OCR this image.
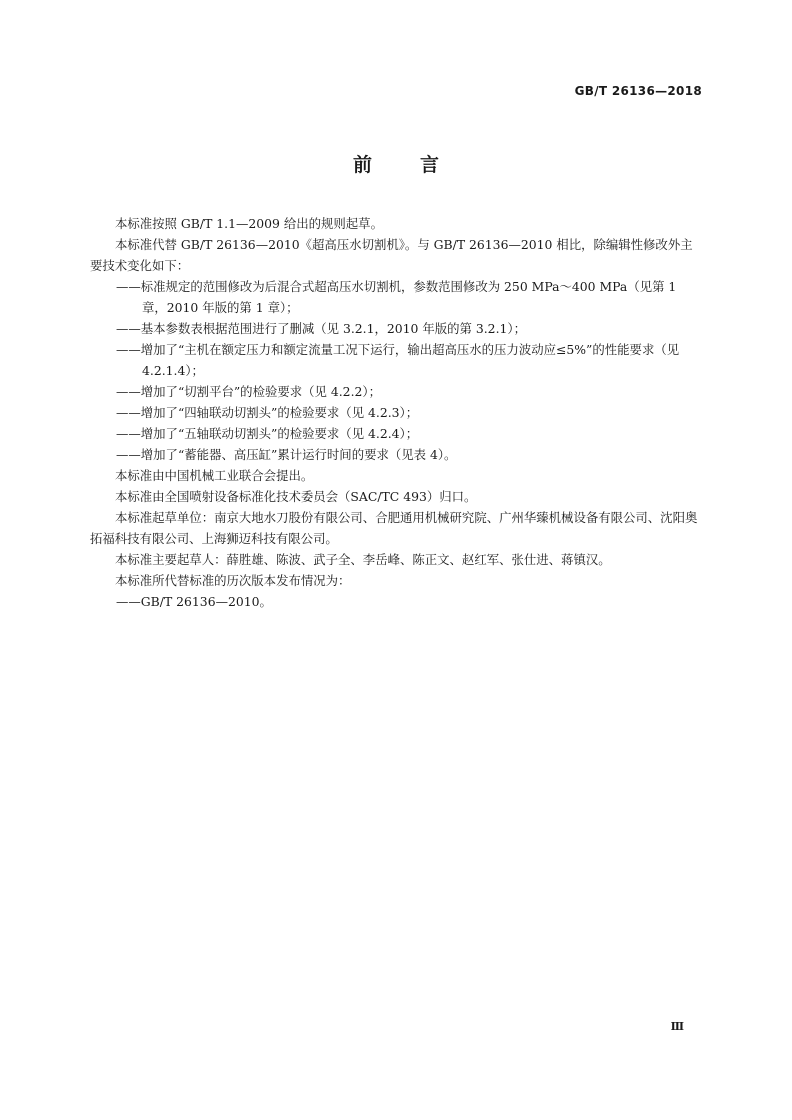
GB/T 26136—2018
前言

本标准按照 GB/T 1.1—2009 给出的规则起草。

本标准代替 GB/T 26136—2010《超高压水切割机》。与 GB/T 26136—2010 相比，除编辑性修改外主要技术变化如下：

——标准规定的范围修改为后混合式超高压水切割机，参数范围修改为 250 MPa～400 MPa（见第 1 章，2010 年版的第 1 章）；

——基本参数表根据范围进行了删减（见 3.2.1，2010 年版的第 3.2.1）；

——增加了“主机在额定压力和额定流量工况下运行，输出超高压水的压力波动应≤5%”的性能要求（见 4.2.1.4）；

——增加了“切割平台”的检验要求（见 4.2.2）；

——增加了“四轴联动切割头”的检验要求（见 4.2.3）；

——增加了“五轴联动切割头”的检验要求（见 4.2.4）；

——增加了“蓄能器、高压缸”累计运行时间的要求（见表 4）。

本标准由中国机械工业联合会提出。

本标准由全国喷射设备标准化技术委员会（SAC/TC 493）归口。

本标准起草单位：南京大地水刀股份有限公司、合肥通用机械研究院、广州华臻机械设备有限公司、沈阳奥拓福科技有限公司、上海狮迈科技有限公司。

本标准主要起草人：薛胜雄、陈波、武子全、李岳峰、陈正文、赵红军、张仕进、蒋镇汉。

本标准所代替标准的历次版本发布情况为：

——GB/T 26136—2010。

Ⅲ
